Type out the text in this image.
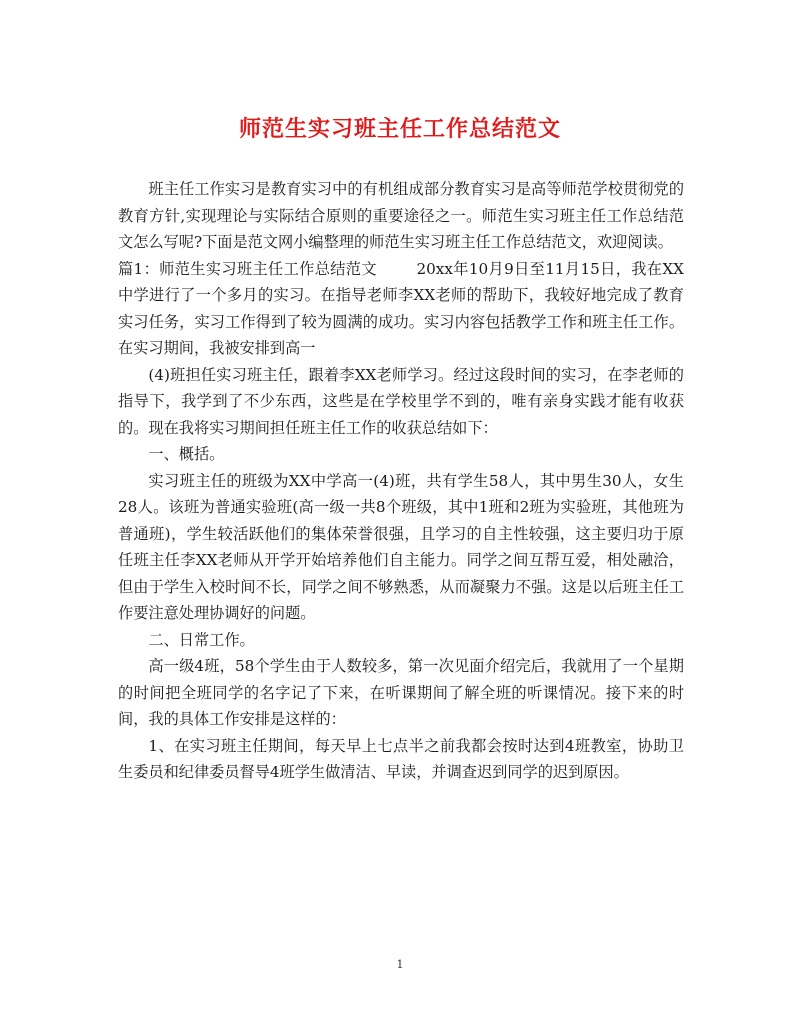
师范生实习班主任工作总结范文

班主任工作实习是教育实习中的有机组成部分教育实习是高等师范学校贯彻党的教育方针,实现理论与实际结合原则的重要途径之一。师范生实习班主任工作总结范文怎么写呢?下面是范文网小编整理的师范生实习班主任工作总结范文，欢迎阅读。

篇1：师范生实习班主任工作总结范文	20xx年10月9日至11月15日，我在XX中学进行了一个多月的实习。在指导老师李XX老师的帮助下，我较好地完成了教育实习任务，实习工作得到了较为圆满的成功。实习内容包括教学工作和班主任工作。在实习期间，我被安排到高一

(4)班担任实习班主任，跟着李XX老师学习。经过这段时间的实习，在李老师的指导下，我学到了不少东西，这些是在学校里学不到的，唯有亲身实践才能有收获的。现在我将实习期间担任班主任工作的收获总结如下：

一、概括。

实习班主任的班级为XX中学高一(4)班，共有学生58人，其中男生30人，女生28人。该班为普通实验班(高一级一共8个班级，其中1班和2班为实验班，其他班为普通班)，学生较活跃他们的集体荣誉很强，且学习的自主性较强，这主要归功于原任班主任李XX老师从开学开始培养他们自主能力。同学之间互帮互爱，相处融洽，但由于学生入校时间不长，同学之间不够熟悉，从而凝聚力不强。这是以后班主任工作要注意处理协调好的问题。

二、日常工作。

高一级4班，58个学生由于人数较多，第一次见面介绍完后，我就用了一个星期的时间把全班同学的名字记了下来，在听课期间了解全班的听课情况。接下来的时间，我的具体工作安排是这样的：

1、在实习班主任期间，每天早上七点半之前我都会按时达到4班教室，协助卫生委员和纪律委员督导4班学生做清洁、早读，并调查迟到同学的迟到原因。

1
